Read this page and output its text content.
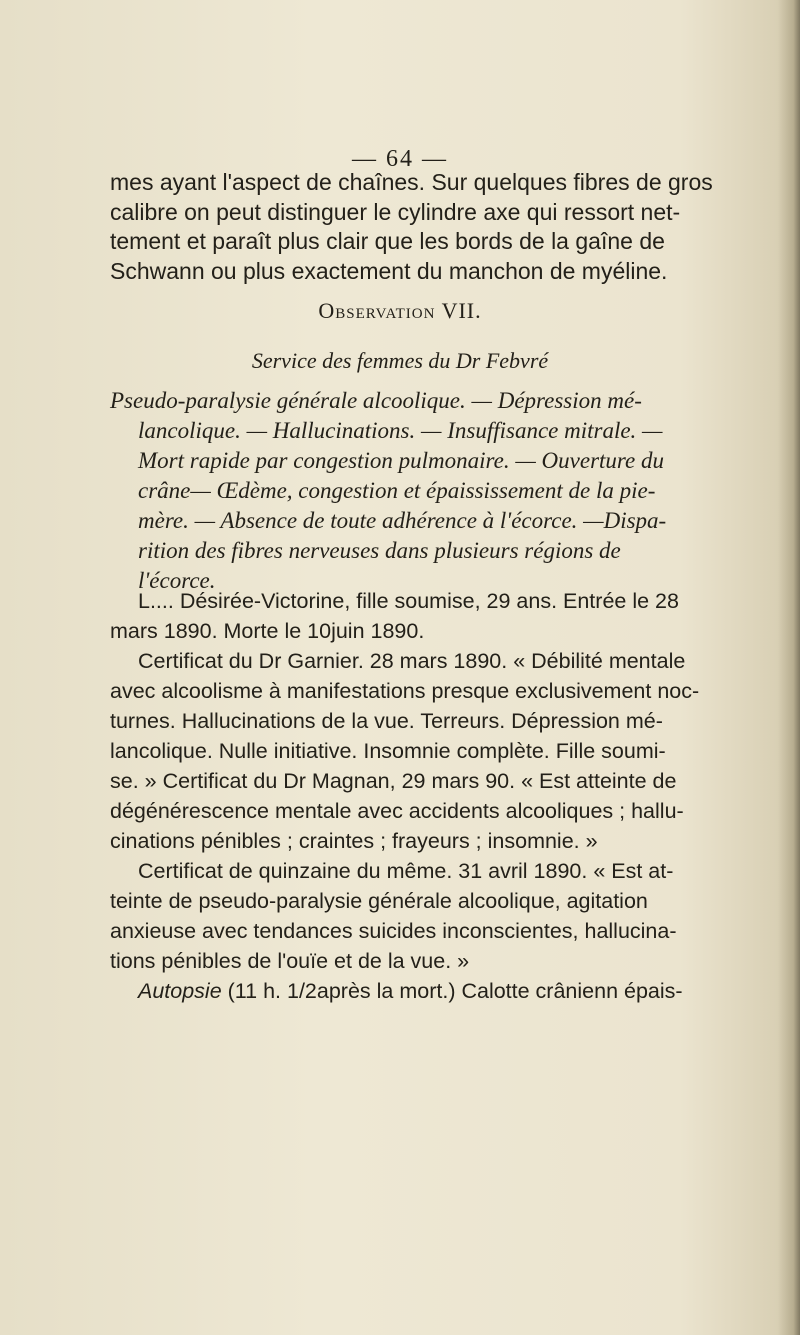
— 64 —
mes ayant l'aspect de chaînes. Sur quelques fibres de gros
calibre on peut distinguer le cylindre axe qui ressort net-
tement et paraît plus clair que les bords de la gaîne de
Schwann ou plus exactement du manchon de myéline.
Observation VII.
Service des femmes du Dr Febvré
Pseudo-paralysie générale alcoolique. — Dépression mé-
lancolique. — Hallucinations. — Insuffisance mitrale. —
Mort rapide par congestion pulmonaire. — Ouverture du
crâne— Œdème, congestion et épaississement de la pie-
mère. — Absence de toute adhérence à l'écorce. —Dispa-
rition des fibres nerveuses dans plusieurs régions de
l'écorce.
L.... Désirée-Victorine, fille soumise, 29 ans. Entrée le 28
mars 1890. Morte le 10juin 1890.
Certificat du Dr Garnier. 28 mars 1890. « Débilité mentale
avec alcoolisme à manifestations presque exclusivement noc-
turnes. Hallucinations de la vue. Terreurs. Dépression mé-
lancolique. Nulle initiative. Insomnie complète. Fille soumi-
se. » Certificat du Dr Magnan, 29 mars 90. « Est atteinte de
dégénérescence mentale avec accidents alcooliques ; hallu-
cinations pénibles ; craintes ; frayeurs ; insomnie. »
Certificat de quinzaine du même. 31 avril 1890. « Est at-
teinte de pseudo-paralysie générale alcoolique, agitation
anxieuse avec tendances suicides inconscientes, hallucina-
tions pénibles de l'ouïe et de la vue. »
Autopsie (11 h. 1/2après la mort.) Calotte crânienn épais-
